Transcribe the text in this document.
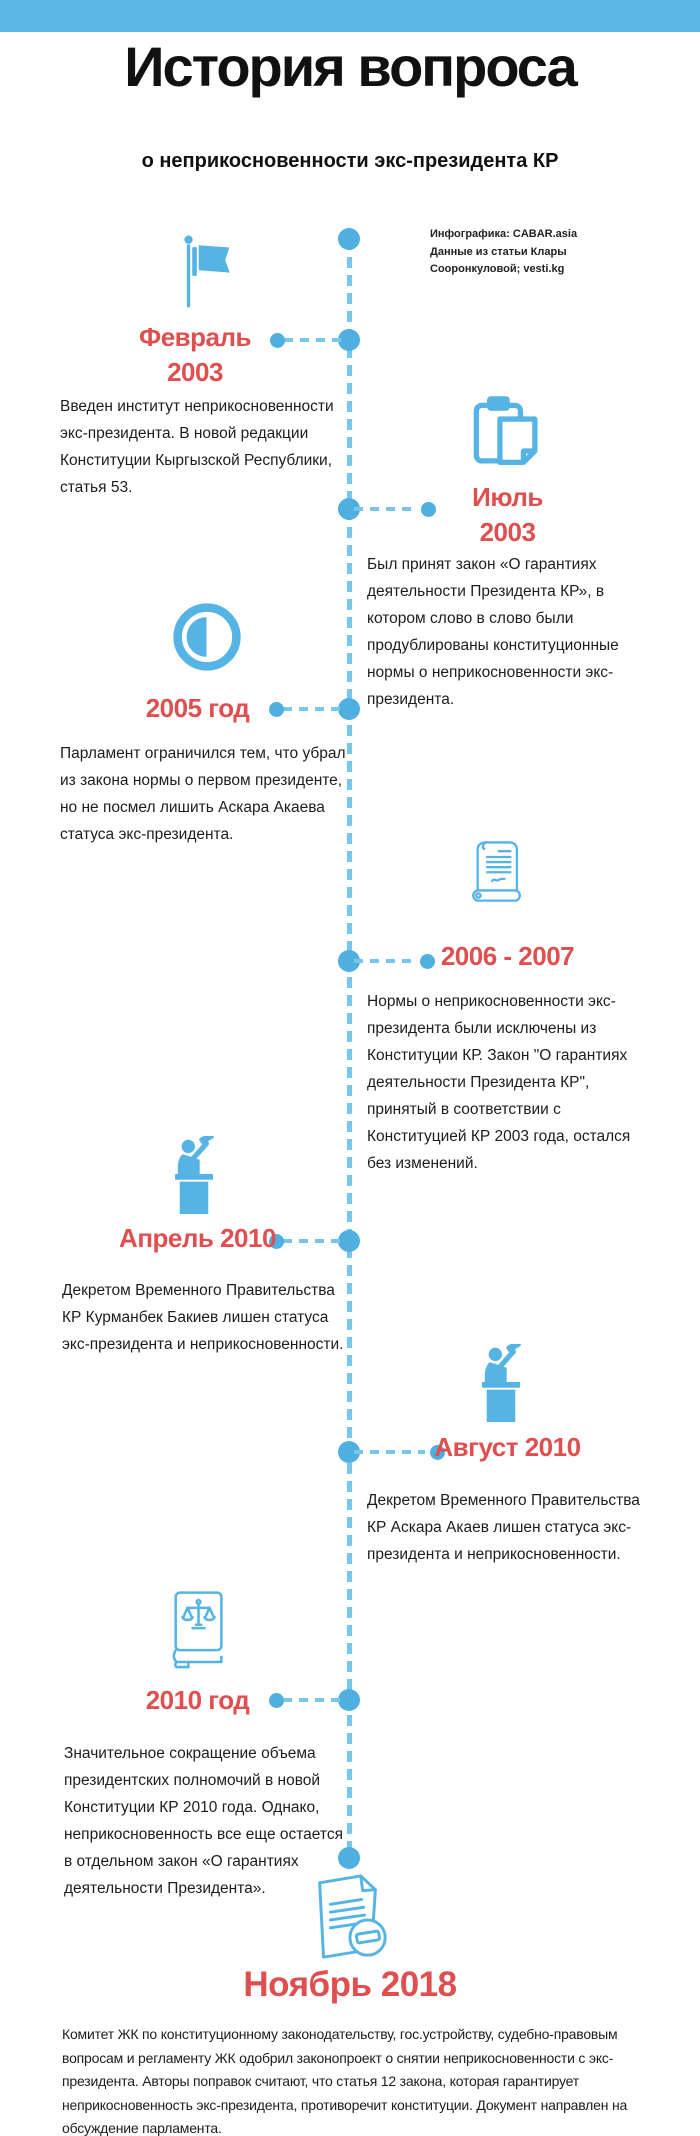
История вопроса
о неприкосновенности экс-президента КР
Инфографика: CABAR.asia
Данные из статьи Клары
Сооронкуловой; vesti.kg
Февраль
2003

Введен институт неприкосновенности экс-президента. В новой редакции Конституции Кыргызской Республики, статья 53.	Июль
2003

Был принят закон «О гарантиях деятельности Президента КР», в котором слово в слово были продублированы конституционные нормы о неприкосновенности экс-президента.

2005 год

Парламент ограничился тем, что убрал из закона нормы о первом президенте, но не посмел лишить Аскара Акаева статуса экс-президента.

2006 - 2007

Нормы о неприкосновенности экс-президента были исключены из Конституции КР. Закон "О гарантиях деятельности Президента КР", принятый в соответствии с Конституцией КР 2003 года, остался без изменений.

Апрель 2010

Декретом Временного Правительства КР Курманбек Бакиев лишен статуса экс-президента и неприкосновенности.

Август 2010

Декретом Временного Правительства КР Аскара Акаев лишен статуса экс-президента и неприкосновенности.

2010 год

Значительное сокращение объема президентских полномочий в новой Конституции КР 2010 года. Однако, неприкосновенность все еще остается в отдельном закон «О гарантиях деятельности Президента».

Ноябрь 2018

Комитет ЖК по конституционному законодательству, гос.устройству, судебно-правовым вопросам и регламенту ЖК одобрил законопроект о снятии неприкосновенности с экс-президента. Авторы поправок считают, что статья 12 закона, которая гарантирует неприкосновенность экс-президента, противоречит конституции. Документ направлен на обсуждение парламента.
